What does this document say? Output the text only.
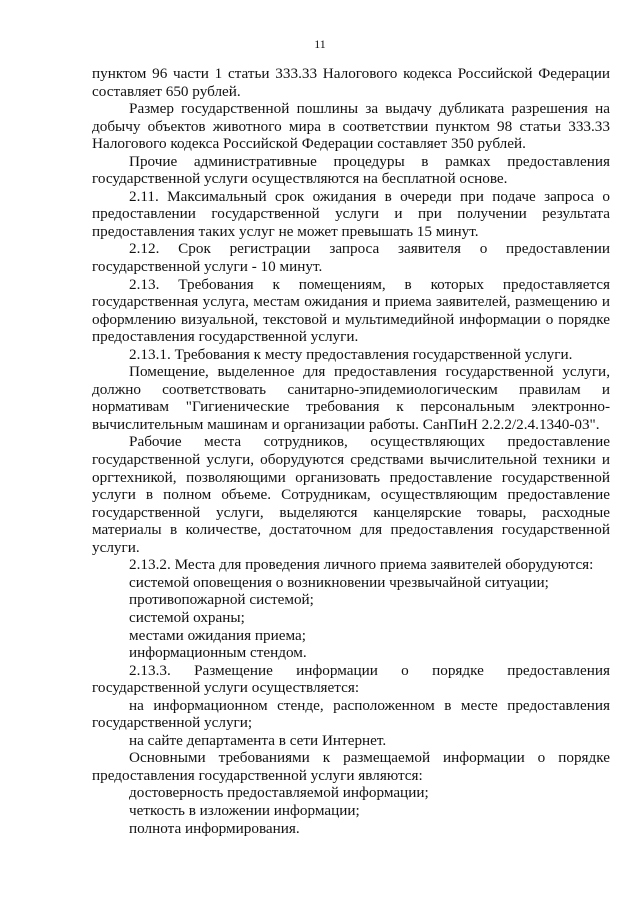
11
пунктом 96 части 1 статьи 333.33 Налогового кодекса Российской Федерации
составляет 650 рублей.
Размер государственной пошлины за выдачу дубликата разрешения на
добычу объектов животного мира в соответствии пунктом 98 статьи 333.33
Налогового кодекса Российской Федерации составляет 350 рублей.
Прочие административные процедуры в рамках предоставления
государственной услуги осуществляются на бесплатной основе.
2.11. Максимальный срок ожидания в очереди при подаче запроса о
предоставлении государственной услуги и при получении результата
предоставления таких услуг не может превышать 15 минут.
2.12. Срок регистрации запроса заявителя о предоставлении
государственной услуги - 10 минут.
2.13. Требования к помещениям, в которых предоставляется
государственная услуга, местам ожидания и приема заявителей, размещению и
оформлению визуальной, текстовой и мультимедийной информации о порядке
предоставления государственной услуги.
2.13.1. Требования к месту предоставления государственной услуги.
Помещение, выделенное для предоставления государственной услуги,
должно соответствовать санитарно-эпидемиологическим правилам и
нормативам "Гигиенические требования к персональным электронно-
вычислительным машинам и организации работы. СанПиН 2.2.2/2.4.1340-03".
Рабочие места сотрудников, осуществляющих предоставление
государственной услуги, оборудуются средствами вычислительной техники и
оргтехникой, позволяющими организовать предоставление государственной
услуги в полном объеме. Сотрудникам, осуществляющим предоставление
государственной услуги, выделяются канцелярские товары, расходные
материалы в количестве, достаточном для предоставления государственной
услуги.
2.13.2. Места для проведения личного приема заявителей оборудуются:
системой оповещения о возникновении чрезвычайной ситуации;
противопожарной системой;
системой охраны;
местами ожидания приема;
информационным стендом.
2.13.3. Размещение информации о порядке предоставления
государственной услуги осуществляется:
на информационном стенде, расположенном в месте предоставления
государственной услуги;
на сайте департамента в сети Интернет.
Основными требованиями к размещаемой информации о порядке
предоставления государственной услуги являются:
достоверность предоставляемой информации;
четкость в изложении информации;
полнота информирования.
